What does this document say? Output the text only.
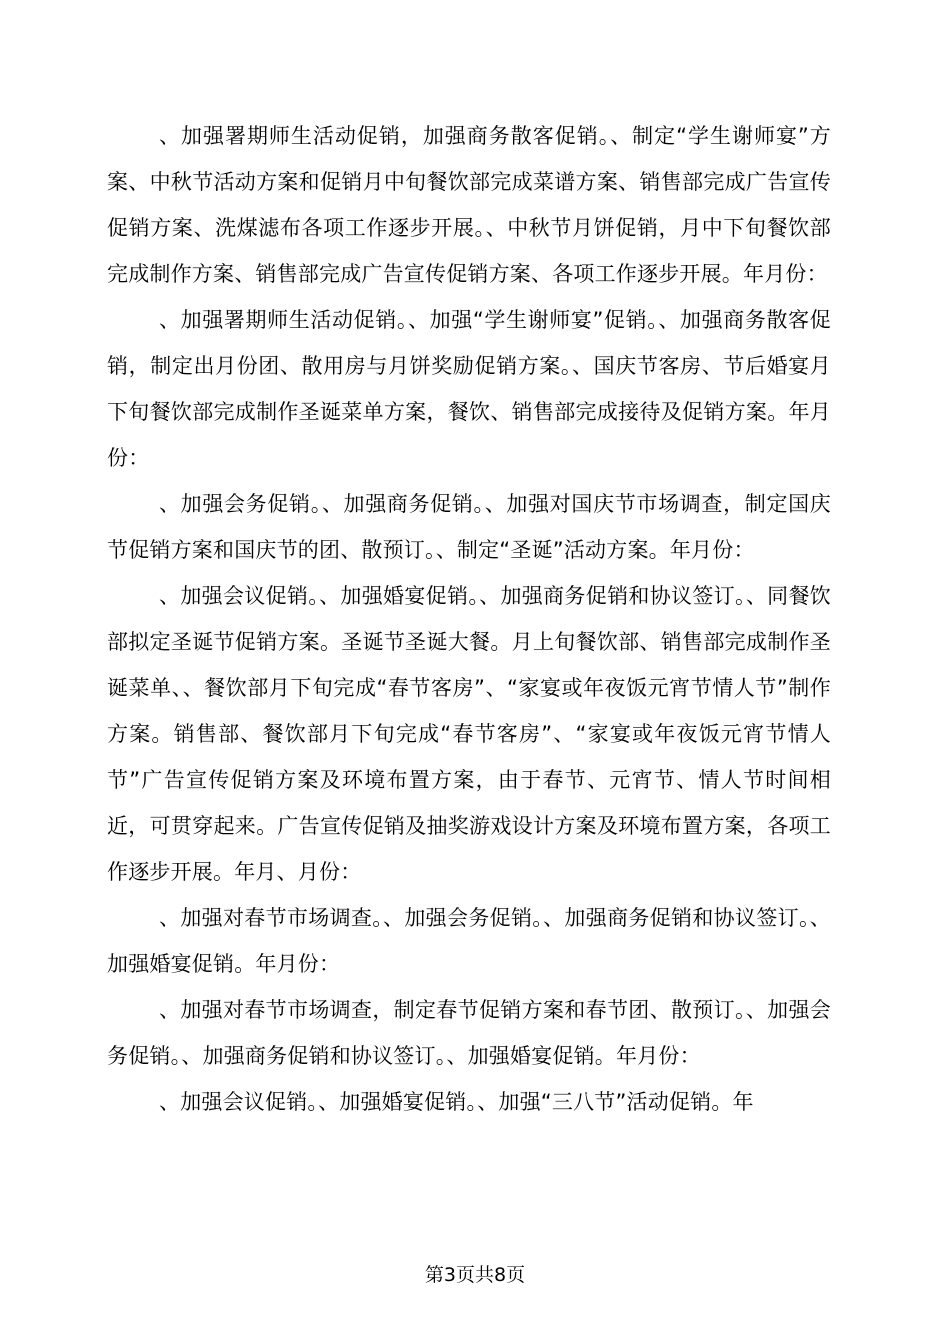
、加强署期师生活动促销，加强商务散客促销。、制定“学生谢师宴”方案、中秋节活动方案和促销月中旬餐饮部完成菜谱方案、销售部完成广告宣传促销方案、洗煤滤布各项工作逐步开展。、中秋节月饼促销，月中下旬餐饮部完成制作方案、销售部完成广告宣传促销方案、各项工作逐步开展。年月份：

、加强署期师生活动促销。、加强“学生谢师宴”促销。、加强商务散客促销，制定出月份团、散用房与月饼奖励促销方案。、国庆节客房、节后婚宴月下旬餐饮部完成制作圣诞菜单方案，餐饮、销售部完成接待及促销方案。年月份：

、加强会务促销。、加强商务促销。、加强对国庆节市场调查，制定国庆节促销方案和国庆节的团、散预订。、制定“圣诞”活动方案。年月份：

、加强会议促销。、加强婚宴促销。、加强商务促销和协议签订。、同餐饮部拟定圣诞节促销方案。圣诞节圣诞大餐。月上旬餐饮部、销售部完成制作圣诞菜单、、餐饮部月下旬完成“春节客房”、“家宴或年夜饭元宵节情人节”制作方案。销售部、餐饮部月下旬完成“春节客房”、“家宴或年夜饭元宵节情人节”广告宣传促销方案及环境布置方案，由于春节、元宵节、情人节时间相近，可贯穿起来。广告宣传促销及抽奖游戏设计方案及环境布置方案，各项工作逐步开展。年月、月份：

、加强对春节市场调查。、加强会务促销。、加强商务促销和协议签订。、加强婚宴促销。年月份：

、加强对春节市场调查，制定春节促销方案和春节团、散预订。、加强会务促销。、加强商务促销和协议签订。、加强婚宴促销。年月份：

、加强会议促销。、加强婚宴促销。、加强“三八节”活动促销。年

第3页共8页
